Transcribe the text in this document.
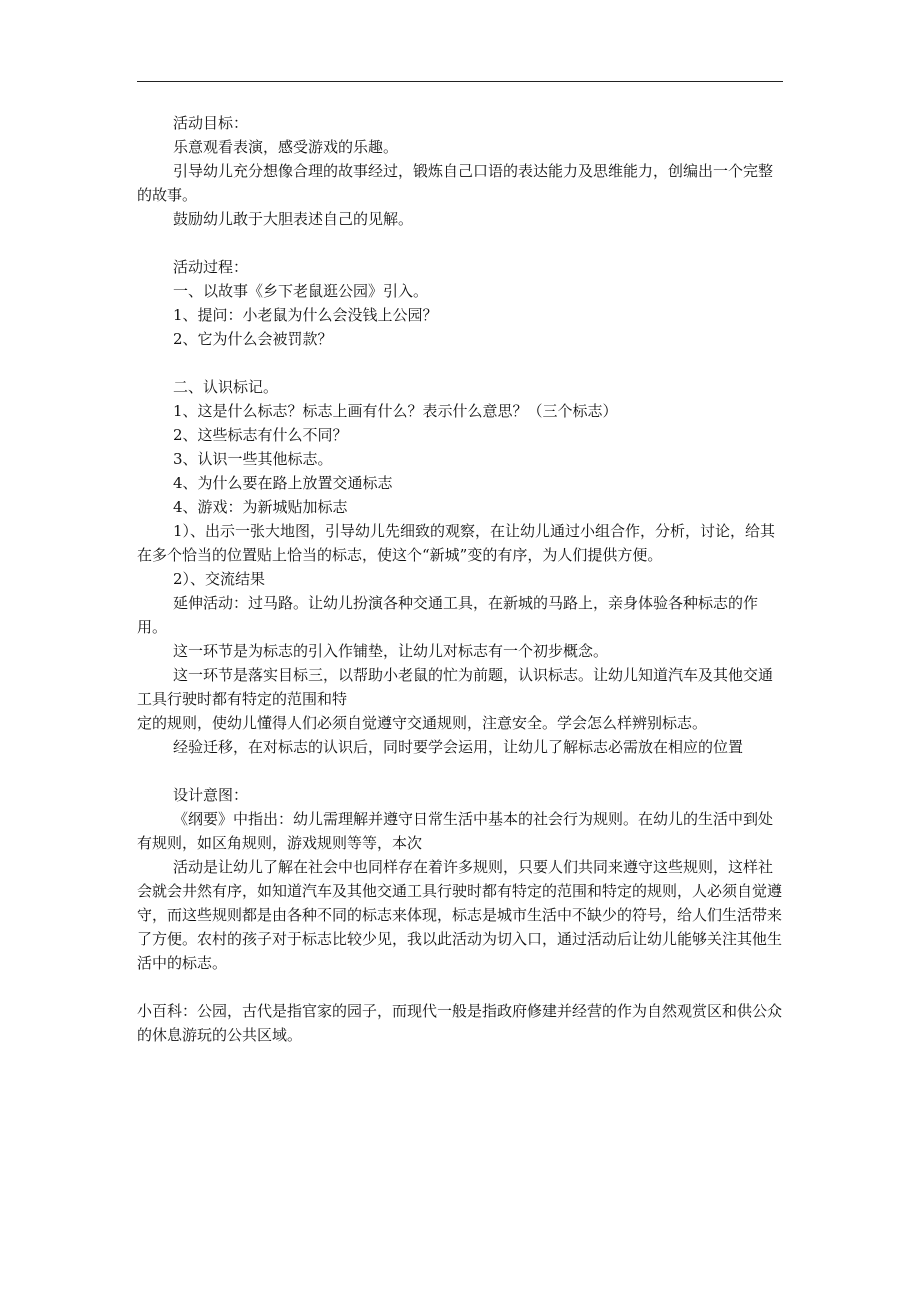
活动目标：

乐意观看表演，感受游戏的乐趣。

引导幼儿充分想像合理的故事经过，锻炼自己口语的表达能力及思维能力，创编出一个完整的故事。

鼓励幼儿敢于大胆表述自己的见解。

活动过程：

一、以故事《乡下老鼠逛公园》引入。

1、提问：小老鼠为什么会没钱上公园？

2、它为什么会被罚款？

二、认识标记。

1、这是什么标志？标志上画有什么？表示什么意思？（三个标志）

2、这些标志有什么不同？

3、认识一些其他标志。

4、为什么要在路上放置交通标志

4、游戏：为新城贴加标志

1）、出示一张大地图，引导幼儿先细致的观察，在让幼儿通过小组合作，分析，讨论，给其在多个恰当的位置贴上恰当的标志，使这个“新城”变的有序，为人们提供方便。

2）、交流结果

延伸活动：过马路。让幼儿扮演各种交通工具，在新城的马路上，亲身体验各种标志的作用。

这一环节是为标志的引入作铺垫，让幼儿对标志有一个初步概念。

这一环节是落实目标三，以帮助小老鼠的忙为前题，认识标志。让幼儿知道汽车及其他交通工具行驶时都有特定的范围和特

定的规则，使幼儿懂得人们必须自觉遵守交通规则，注意安全。学会怎么样辨别标志。

经验迁移，在对标志的认识后，同时要学会运用，让幼儿了解标志必需放在相应的位置

设计意图：

《纲要》中指出：幼儿需理解并遵守日常生活中基本的社会行为规则。在幼儿的生活中到处有规则，如区角规则，游戏规则等等，本次

活动是让幼儿了解在社会中也同样存在着许多规则，只要人们共同来遵守这些规则，这样社会就会井然有序，如知道汽车及其他交通工具行驶时都有特定的范围和特定的规则，人必须自觉遵守，而这些规则都是由各种不同的标志来体现，标志是城市生活中不缺少的符号，给人们生活带来了方便。农村的孩子对于标志比较少见，我以此活动为切入口，通过活动后让幼儿能够关注其他生活中的标志。

小百科：公园，古代是指官家的园子，而现代一般是指政府修建并经营的作为自然观赏区和供公众的休息游玩的公共区域。
